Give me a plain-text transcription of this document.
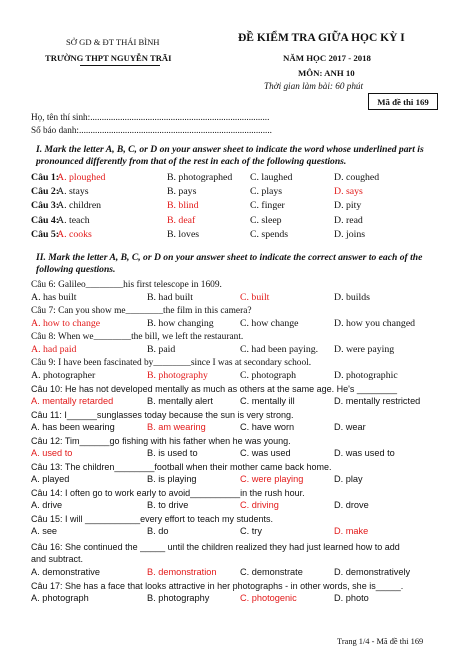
SỞ GD & ĐT THÁI BÌNH
TRƯỜNG THPT NGUYỄN TRÃI
ĐỀ KIỂM TRA GIỮA HỌC KỲ I
NĂM HỌC 2017 - 2018
MÔN: ANH 10
Thời gian làm bài: 60 phút
Mã đề thi 169
Họ, tên thí sinh:..............................................................................
Số báo danh:....................................................................................
I. Mark the letter A, B, C, or D on your answer sheet to indicate the word whose underlined part is pronounced differently from that of the rest in each of the following questions.
Câu 1:
A. ploughed	B. photographed C. laughed	D. coughed
Câu 2:
A. stays	B. pays	C. plays	D. says
Câu 3:
A. children	B. blind	C. finger	D. pity
Câu 4:
A. teach	B. deaf	C. sleep	D. read
Câu 5:
A. cooks	B. loves	C. spends	D. joins
II. Mark the letter A, B, C, or D on your answer sheet to indicate the correct answer to each of the following questions.
Câu 6: Galileo________his first telescope in 1609.
A. has built	B. had built	C. built	D. builds
Câu 7: Can you show me________the film in this camera?
A. how to change	B. how changing	C. how change	D. how you changed
Câu 8: When we________the bill, we left the restaurant.
A. had paid	B. paid	C. had been paying. D. were paying
Câu 9: I have been fascinated by________since I was at secondary school.
A. photographer	B. photography	C. photograph	D. photographic
Câu 10: He has not developed mentally as much as others at the same age. He's ________
A. mentally retarded	B. mentally alert	C. mentally ill	D. mentally restricted
Câu 11: I______sunglasses today because the sun is very strong.
A. has been wearing	B. am wearing	C. have worn	D. wear
Câu 12: Tim______go fishing with his father when he was young.
A. used to	B. is used to	C. was used	D. was used to
Câu 13: The children________football when their mother came back home.
A. played	B. is playing	C. were playing	D. play
Câu 14: I often go to work early to avoid__________in the rush hour.
A. drive	B. to drive	C. driving	D. drove
Câu 15: I will ___________every effort to teach my students.
A. see	B. do	C. try	D. make
Câu 16: She continued the _____ until the children realized they had just learned how to add
and subtract.
A. demonstrative	B. demonstration	C. demonstrate	D. demonstratively
Câu 17: She has a face that looks attractive in her photographs - in other words, she is_____.
A. photograph	B. photography	C. photogenic	D. photo
Trang 1/4 - Mã đề thi 169
